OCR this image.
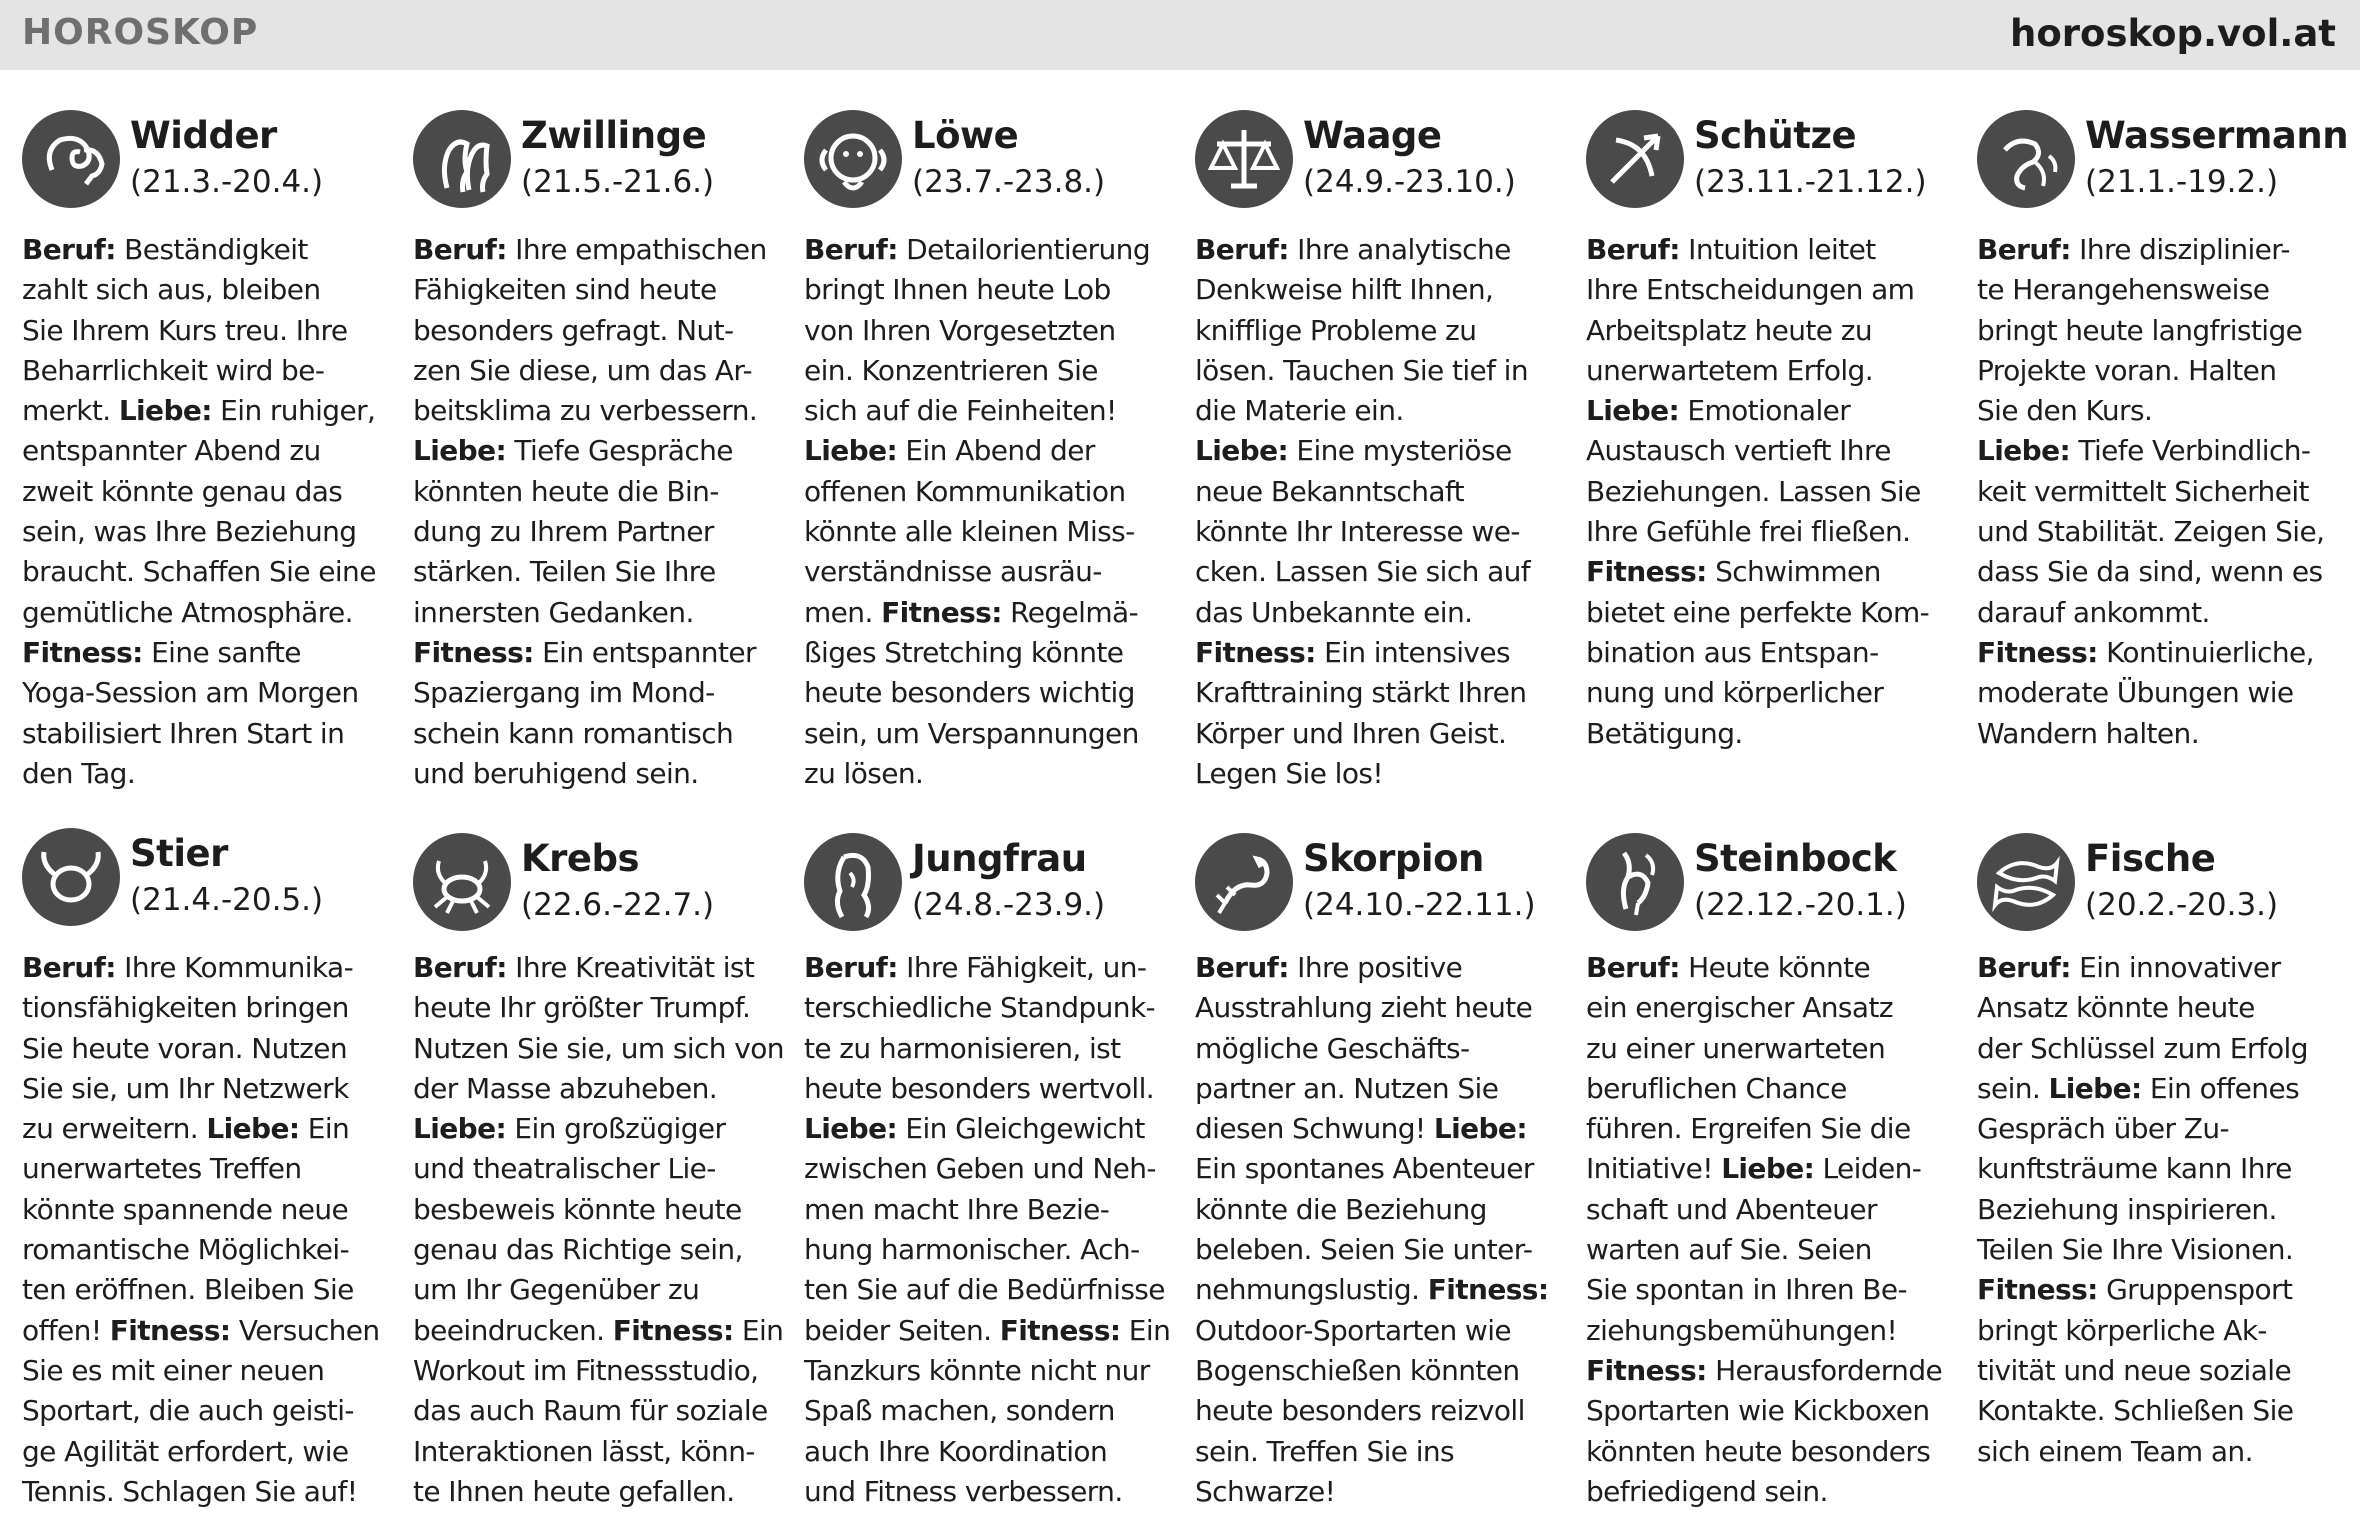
HOROSKOP	horoskop.vol.at
Widder
(21.3.-20.4.)
Beruf: Beständigkeit
zahlt sich aus, bleiben
Sie Ihrem Kurs treu. Ihre
Beharrlichkeit wird be-
merkt. Liebe: Ein ruhiger,
entspannter Abend zu
zweit könnte genau das
sein, was Ihre Beziehung
braucht. Schaffen Sie eine
gemütliche Atmosphäre.
Fitness: Eine sanfte
Yoga-Session am Morgen
stabilisiert Ihren Start in
den Tag.
Zwillinge
(21.5.-21.6.)
Beruf: Ihre empathischen
Fähigkeiten sind heute
besonders gefragt. Nut-
zen Sie diese, um das Ar-
beitsklima zu verbessern.
Liebe: Tiefe Gespräche
könnten heute die Bin-
dung zu Ihrem Partner
stärken. Teilen Sie Ihre
innersten Gedanken.
Fitness: Ein entspannter
Spaziergang im Mond-
schein kann romantisch
und beruhigend sein.
Löwe
(23.7.-23.8.)
Beruf: Detailorientierung
bringt Ihnen heute Lob
von Ihren Vorgesetzten
ein. Konzentrieren Sie
sich auf die Feinheiten!
Liebe: Ein Abend der
offenen Kommunikation
könnte alle kleinen Miss-
verständnisse ausräu-
men. Fitness: Regelmä-
ßiges Stretching könnte
heute besonders wichtig
sein, um Verspannungen
zu lösen.
Waage
(24.9.-23.10.)
Beruf: Ihre analytische
Denkweise hilft Ihnen,
knifflige Probleme zu
lösen. Tauchen Sie tief in
die Materie ein.
Liebe: Eine mysteriöse
neue Bekanntschaft
könnte Ihr Interesse we-
cken. Lassen Sie sich auf
das Unbekannte ein.
Fitness: Ein intensives
Krafttraining stärkt Ihren
Körper und Ihren Geist.
Legen Sie los!
Schütze
(23.11.-21.12.)
Beruf: Intuition leitet
Ihre Entscheidungen am
Arbeitsplatz heute zu
unerwartetem Erfolg.
Liebe: Emotionaler
Austausch vertieft Ihre
Beziehungen. Lassen Sie
Ihre Gefühle frei fließen.
Fitness: Schwimmen
bietet eine perfekte Kom-
bination aus Entspan-
nung und körperlicher
Betätigung.
Wassermann
(21.1.-19.2.)
Beruf: Ihre disziplinier-
te Herangehensweise
bringt heute langfristige
Projekte voran. Halten
Sie den Kurs.
Liebe: Tiefe Verbindlich-
keit vermittelt Sicherheit
und Stabilität. Zeigen Sie,
dass Sie da sind, wenn es
darauf ankommt.
Fitness: Kontinuierliche,
moderate Übungen wie
Wandern halten.
Stier
(21.4.-20.5.)
Beruf: Ihre Kommunika-
tionsfähigkeiten bringen
Sie heute voran. Nutzen
Sie sie, um Ihr Netzwerk
zu erweitern. Liebe: Ein
unerwartetes Treffen
könnte spannende neue
romantische Möglichkei-
ten eröffnen. Bleiben Sie
offen! Fitness: Versuchen
Sie es mit einer neuen
Sportart, die auch geisti-
ge Agilität erfordert, wie
Tennis. Schlagen Sie auf!
Krebs
(22.6.-22.7.)
Beruf: Ihre Kreativität ist
heute Ihr größter Trumpf.
Nutzen Sie sie, um sich von
der Masse abzuheben.
Liebe: Ein großzügiger
und theatralischer Lie-
besbeweis könnte heute
genau das Richtige sein,
um Ihr Gegenüber zu
beeindrucken. Fitness: Ein
Workout im Fitnessstudio,
das auch Raum für soziale
Interaktionen lässt, könn-
te Ihnen heute gefallen.
Jungfrau
(24.8.-23.9.)
Beruf: Ihre Fähigkeit, un-
terschiedliche Standpunk-
te zu harmonisieren, ist
heute besonders wertvoll.
Liebe: Ein Gleichgewicht
zwischen Geben und Neh-
men macht Ihre Bezie-
hung harmonischer. Ach-
ten Sie auf die Bedürfnisse
beider Seiten. Fitness: Ein
Tanzkurs könnte nicht nur
Spaß machen, sondern
auch Ihre Koordination
und Fitness verbessern.
Skorpion
(24.10.-22.11.)
Beruf: Ihre positive
Ausstrahlung zieht heute
mögliche Geschäfts-
partner an. Nutzen Sie
diesen Schwung! Liebe:
Ein spontanes Abenteuer
könnte die Beziehung
beleben. Seien Sie unter-
nehmungslustig. Fitness:
Outdoor-Sportarten wie
Bogenschießen könnten
heute besonders reizvoll
sein. Treffen Sie ins
Schwarze!
Steinbock
(22.12.-20.1.)
Beruf: Heute könnte
ein energischer Ansatz
zu einer unerwarteten
beruflichen Chance
führen. Ergreifen Sie die
Initiative! Liebe: Leiden-
schaft und Abenteuer
warten auf Sie. Seien
Sie spontan in Ihren Be-
ziehungsbemühungen!
Fitness: Herausfordernde
Sportarten wie Kickboxen
könnten heute besonders
befriedigend sein.
Fische
(20.2.-20.3.)
Beruf: Ein innovativer
Ansatz könnte heute
der Schlüssel zum Erfolg
sein. Liebe: Ein offenes
Gespräch über Zu-
kunftsträume kann Ihre
Beziehung inspirieren.
Teilen Sie Ihre Visionen.
Fitness: Gruppensport
bringt körperliche Ak-
tivität und neue soziale
Kontakte. Schließen Sie
sich einem Team an.
